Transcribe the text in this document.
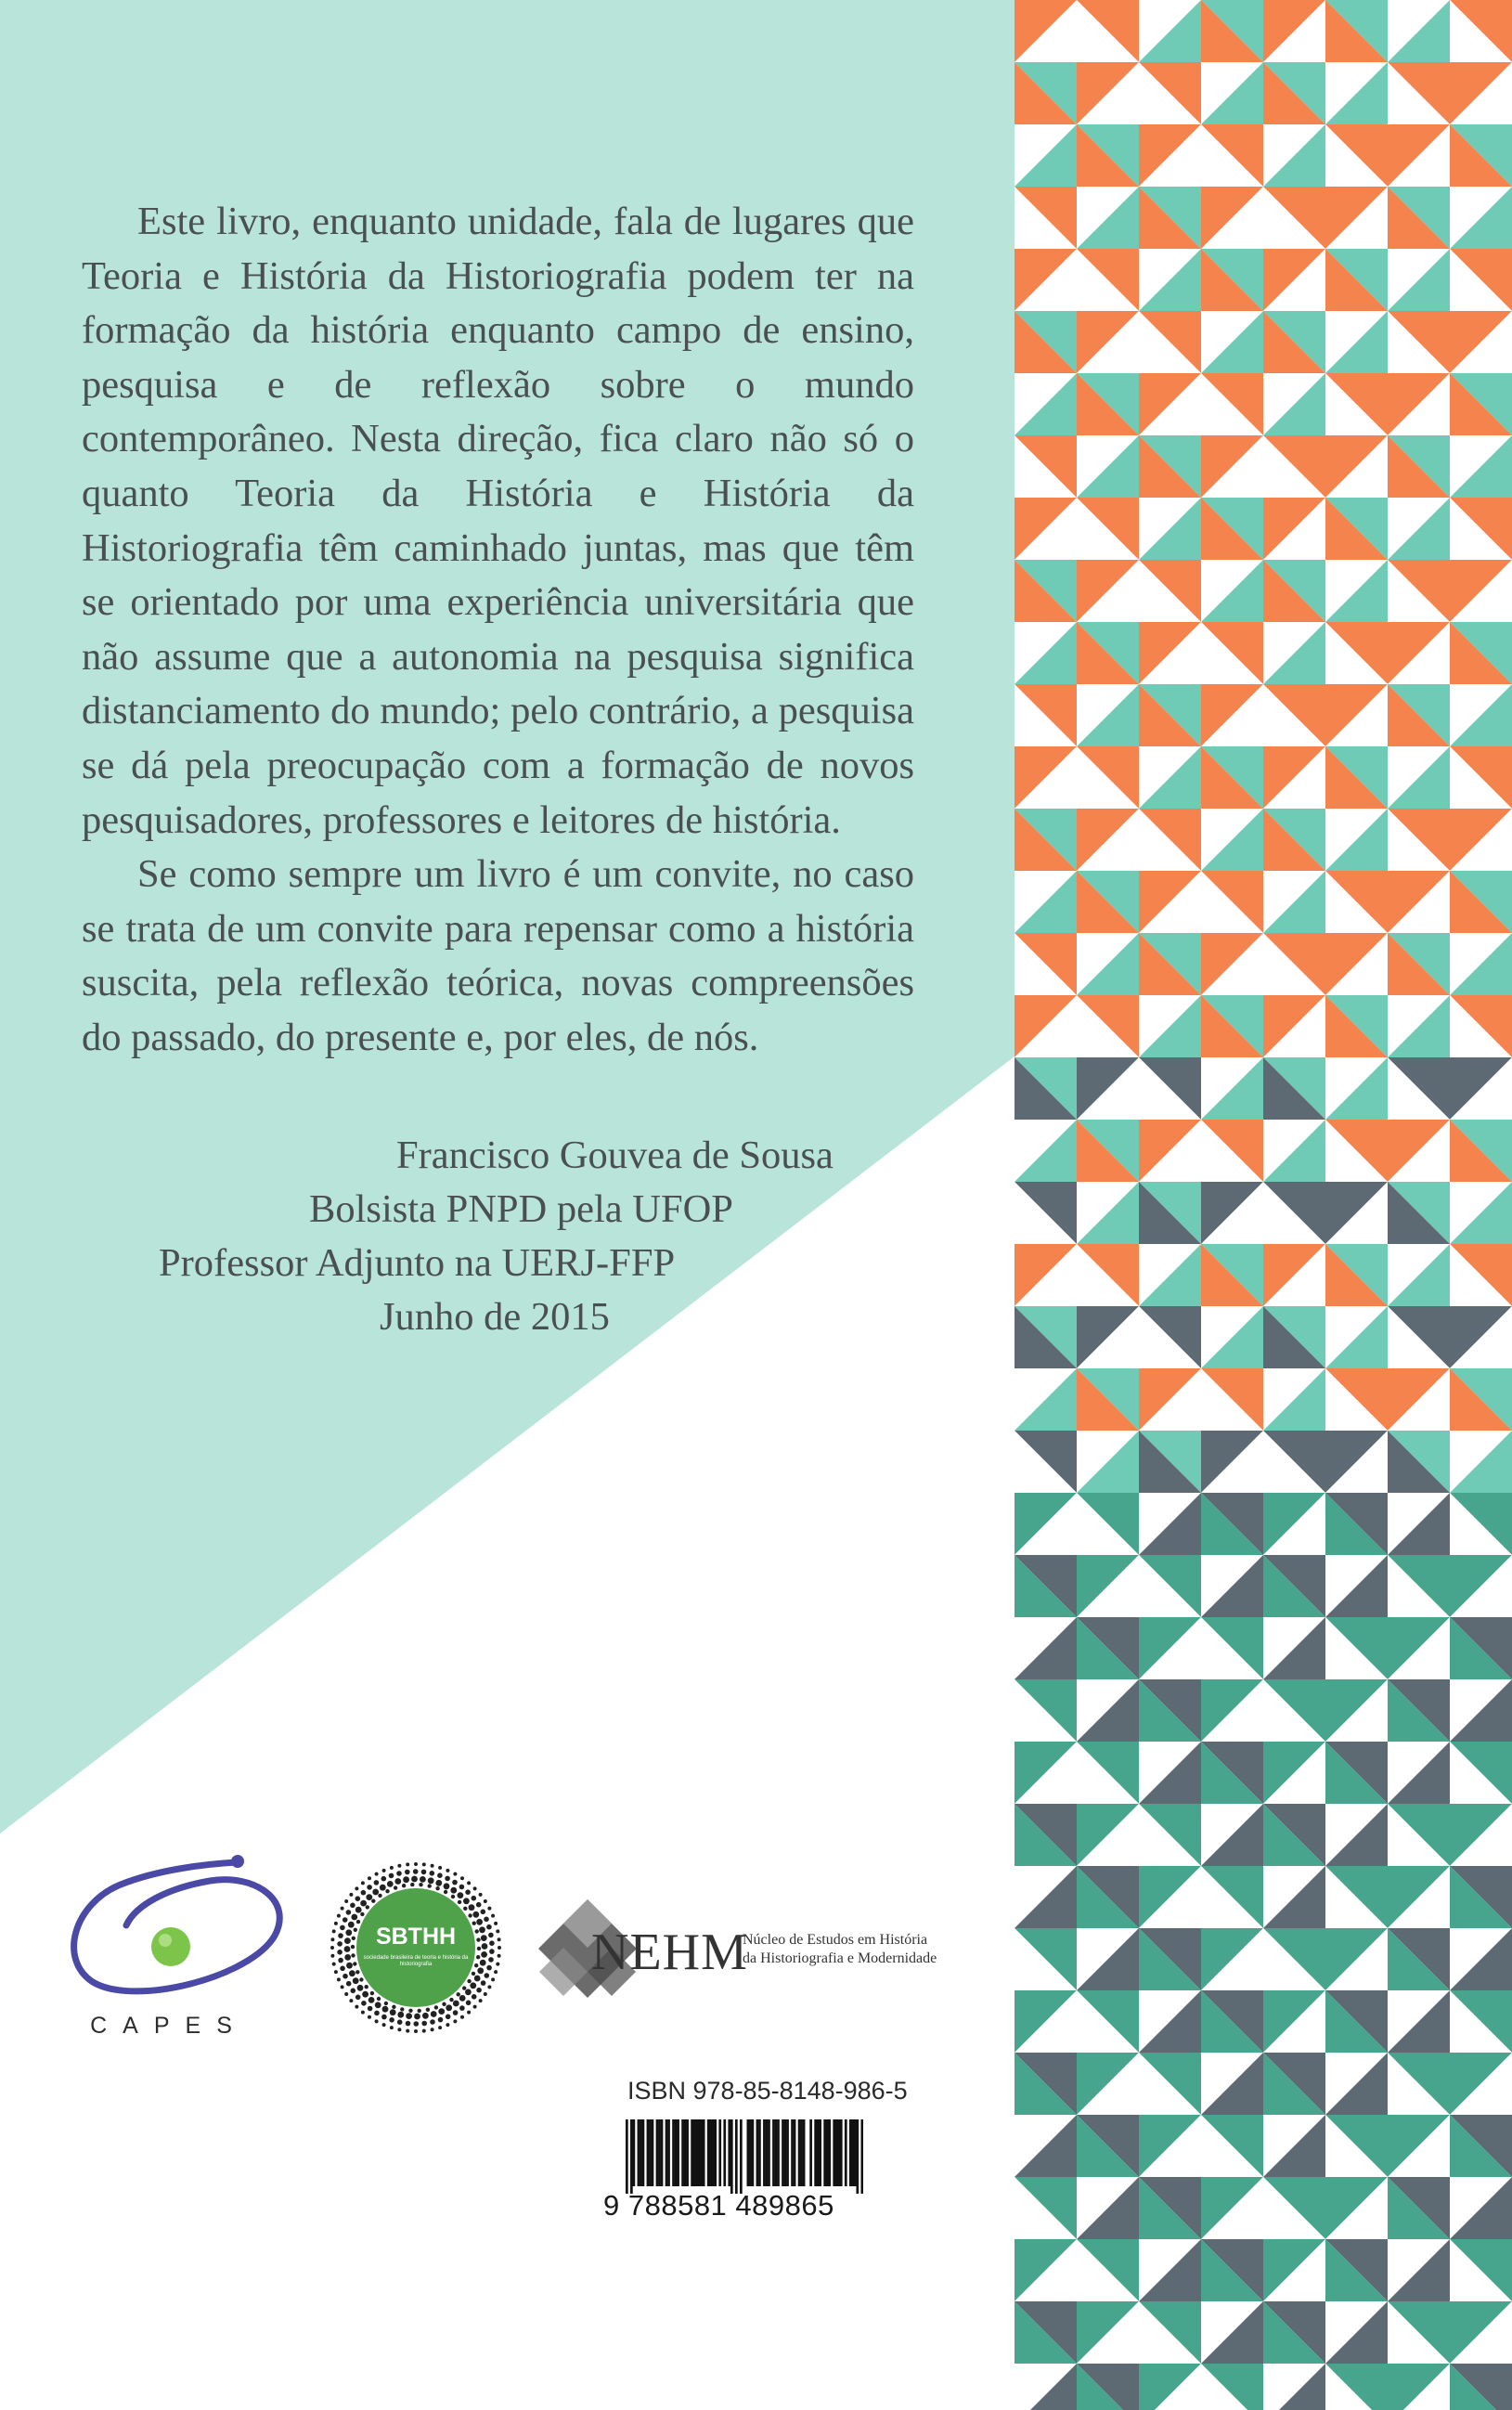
Este livro, enquanto unidade, fala de lugares que Teoria e História da Historiografia podem ter na formação da história enquanto campo de ensino, pesquisa e de reflexão sobre o mundo contemporâneo. Nesta direção, fica claro não só o quanto Teoria da História e História da Historiografia têm caminhado juntas, mas que têm se orientado por uma experiência universitária que não assume que a autonomia na pesquisa significa distanciamento do mundo; pelo contrário, a pesquisa se dá pela preocupação com a formação de novos pesquisadores, professores e leitores de história.

Se como sempre um livro é um convite, no caso se trata de um convite para repensar como a história suscita, pela reflexão teórica, novas compreensões do passado, do presente e, por eles, de nós.

Francisco Gouvea de Sousa
Bolsista PNPD pela UFOP
Professor Adjunto na UERJ-FFP
Junho de 2015
CAPES
SBTHH
sociedade brasileira de teoria e história da historiografia	NEHM
Núcleo de Estudos em História
da Historiografia e Modernidade
ISBN 978-85-8148-986-5
9 788581 489865
